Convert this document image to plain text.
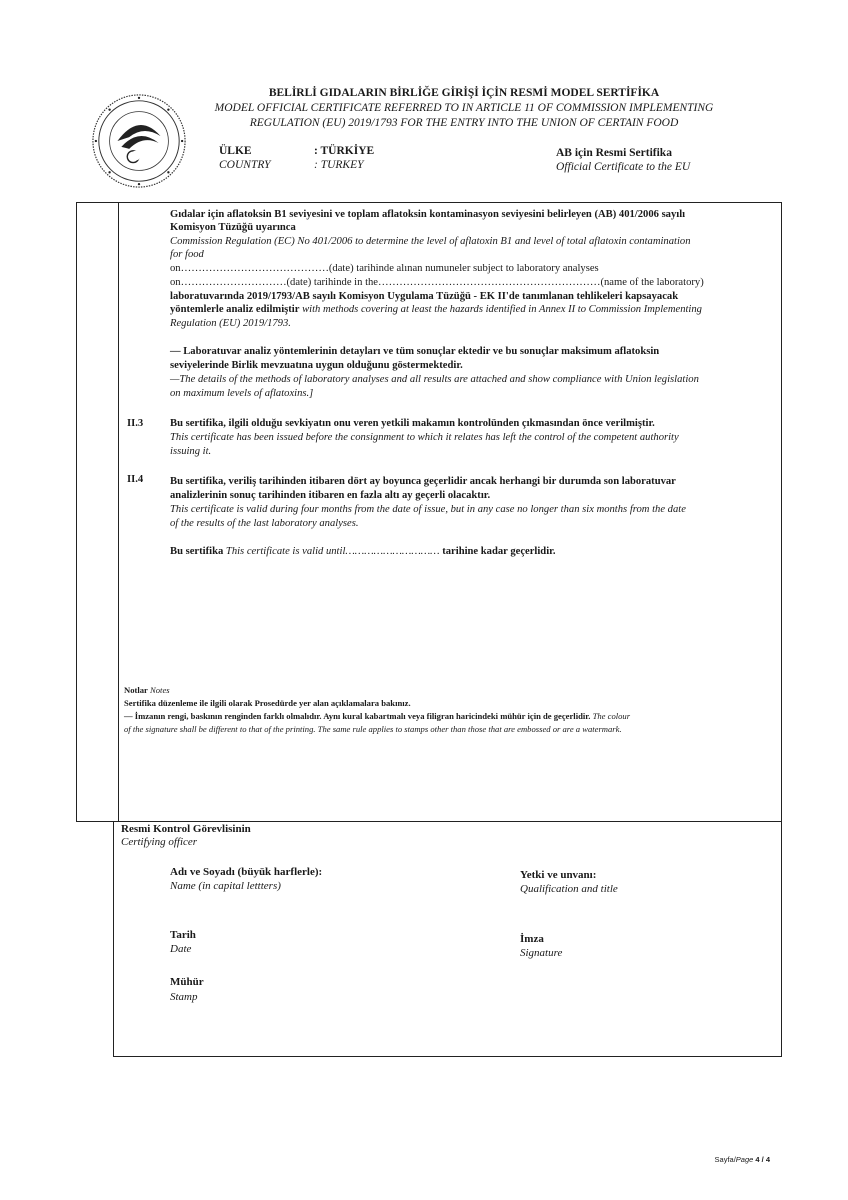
BELİRLİ GIDALARIN BİRLİĞE GİRİŞİ İÇİN RESMİ MODEL SERTİFİKA
MODEL OFFICIAL CERTIFICATE REFERRED TO IN ARTICLE 11 OF COMMISSION IMPLEMENTING
REGULATION (EU) 2019/1793 FOR THE ENTRY INTO THE UNION OF CERTAIN FOOD
ÜLKE
COUNTRY
: TÜRKİYE
: TURKEY
AB için Resmi Sertifika
Official Certificate to the EU
Gıdalar için aflatoksin B1 seviyesini ve toplam aflatoksin kontaminasyon seviyesini belirleyen (AB) 401/2006 sayılı
Komisyon Tüzüğü uyarınca
Commission Regulation (EC) No 401/2006 to determine the level of aflatoxin B1 and level of total aflatoxin contamination
for food
on……………………………………(date) tarihinde alınan numuneler subject to laboratory analyses
on…………………………(date) tarihinde in the………………………………………………………(name of the laboratory)
laboratuvarında 2019/1793/AB sayılı Komisyon Uygulama Tüzüğü - EK II'de tanımlanan tehlikeleri kapsayacak
yöntemlerle analiz edilmiştir with methods covering at least the hazards identified in Annex II to Commission Implementing
Regulation (EU) 2019/1793.
— Laboratuvar analiz yöntemlerinin detayları ve tüm sonuçlar ektedir ve bu sonuçlar maksimum aflatoksin
seviyelerinde Birlik mevzuatına uygun olduğunu göstermektedir.
—The details of the methods of laboratory analyses and all results are attached and show compliance with Union legislation
on maximum levels of aflatoxins.]
II.3	Bu sertifika, ilgili olduğu sevkiyatın onu veren yetkili makamın kontrolünden çıkmasından önce verilmiştir.
This certificate has been issued before the consignment to which it relates has left the control of the competent authority
issuing it.
II.4	Bu sertifika, veriliş tarihinden itibaren dört ay boyunca geçerlidir ancak herhangi bir durumda son laboratuvar
analizlerinin sonuç tarihinden itibaren en fazla altı ay geçerli olacaktır.
This certificate is valid during four months from the date of issue, but in any case no longer than six months from the date
of the results of the last laboratory analyses.
Bu sertifika This certificate is valid until………………………… tarihine kadar geçerlidir.
Notlar Notes
Sertifika düzenleme ile ilgili olarak Prosedürde yer alan açıklamalara bakınız.
— İmzanın rengi, baskının renginden farklı olmalıdır. Aynı kural kabartmalı veya filigran haricindeki mühür için de geçerlidir. The colour
of the signature shall be different to that of the printing. The same rule applies to stamps other than those that are embossed or are a watermark.
Resmi Kontrol Görevlisinin
Certifying officer
Adı ve Soyadı (büyük harflerle):
Name (in capital lettters)
Yetki ve unvanı:
Qualification and title
Tarih
Date
İmza
Signature
Mühür
Stamp
Sayfa/Page 4 / 4
